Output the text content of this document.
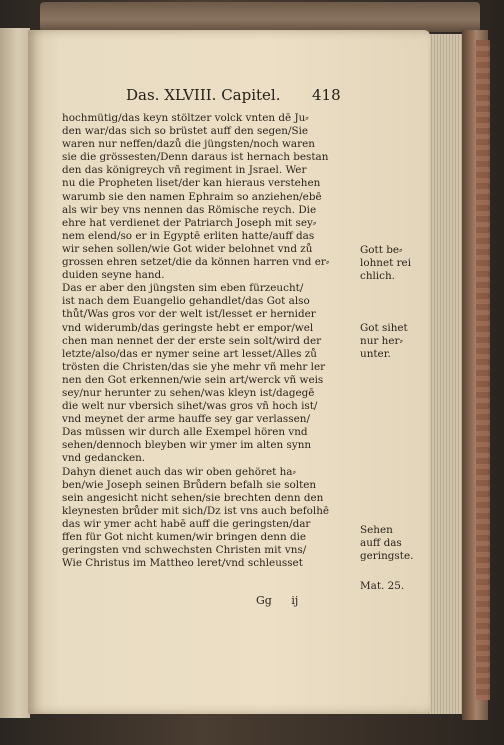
Das. XLVIII. Capitel. 418
hochmütig/das keyn stöltzer volck vnten dē Ju⸗
den war/das sich so brüstet auff den segen/Sie
waren nur neffen/dazů die jüngsten/noch waren
sie die grössesten/Denn daraus ist hernach bestan
den das königreych vñ regiment in Jsrael. Wer
nu die Propheten liset/der kan hieraus verstehen
warumb sie den namen Ephraim so anziehen/ebē
als wir bey vns nennen das Römische reych. Die
ehre hat verdienet der Patriarch Joseph mit sey⸗
nem elend/so er in Egyptē erliten hatte/auff das
wir sehen sollen/wie Got wider belohnet vnd zů
grossen ehren setzet/die da können harren vnd er⸗
duiden seyne hand.
Das er aber den jüngsten sim eben fürzeucht/
ist nach dem Euangelio gehandlet/das Got also
thůt/Was gros vor der welt ist/lesset er hernider
vnd widerumb/das geringste hebt er empor/wel
chen man nennet der der erste sein solt/wird der
letzte/also/das er nymer seine art lesset/Alles zů
trösten die Christen/das sie yhe mehr vñ mehr ler
nen den Got erkennen/wie sein art/werck vñ weis
sey/nur herunter zu sehen/was kleyn ist/dagegē
die welt nur vbersich sihet/was gros vñ hoch ist/
vnd meynet der arme hauffe sey gar verlassen/
Das müssen wir durch alle Exempel hören vnd
sehen/dennoch bleyben wir ymer im alten synn
vnd gedancken.
Dahyn dienet auch das wir oben gehöret ha⸗
ben/wie Joseph seinen Brůdern befalh sie solten
sein angesicht nicht sehen/sie brechten denn den
kleynesten brůder mit sich/Dz ist vns auch befolhē
das wir ymer acht habē auff die geringsten/dar
ffen für Got nicht kumen/wir bringen denn die
geringsten vnd schwechsten Christen mit vns/
Wie Christus im Mattheo leret/vnd schleusset
Gott be⸗
lohnet rei
chlich.
Got sihet
nur her⸗
unter.
Sehen
auff das
geringste.
Mat. 25.
Gg ij
